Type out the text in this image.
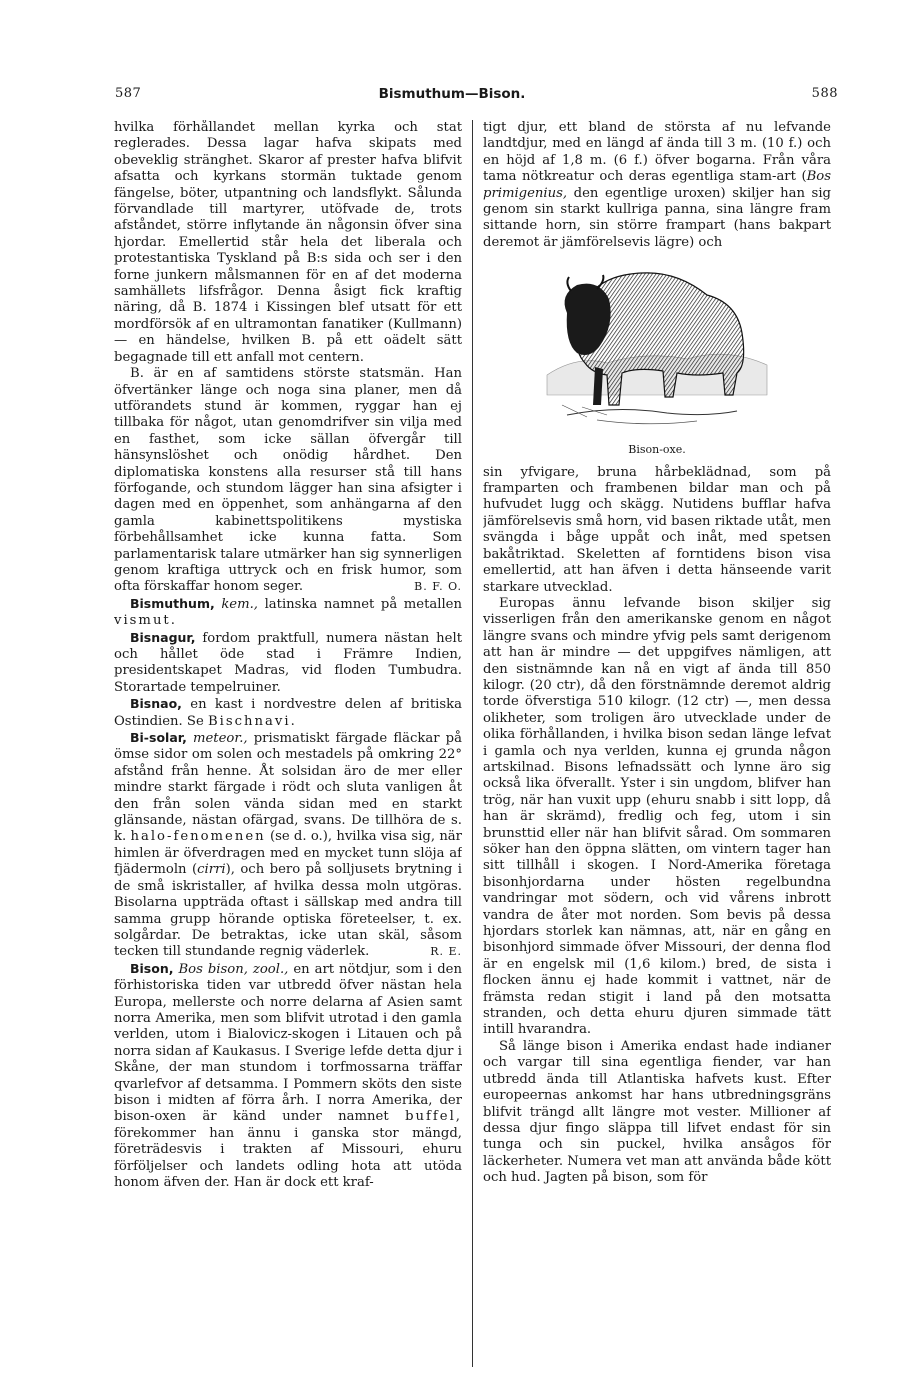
587	Bismuthum—Bison.	588

hvilka förhållandet mellan kyrka och stat reglerades. Dessa lagar hafva skipats med obeveklig stränghet. Skaror af prester hafva blifvit afsatta och kyrkans stormän tuktade genom fängelse, böter, utpantning och landsflykt. Sålunda förvandlade till martyrer, utöfvade de, trots afståndet, större inflytande än någonsin öfver sina hjordar. Emellertid står hela det liberala och protestantiska Tyskland på B:s sida och ser i den forne junkern målsmannen för en af det moderna samhällets lifsfrågor. Denna åsigt fick kraftig näring, då B. 1874 i Kissingen blef utsatt för ett mordförsök af en ultramontan fanatiker (Kullmann) — en händelse, hvilken B. på ett oädelt sätt begagnade till ett anfall mot centern.

B. är en af samtidens störste statsmän. Han öfvertänker länge och noga sina planer, men då utförandets stund är kommen, ryggar han ej tillbaka för något, utan genomdrifver sin vilja med en fasthet, som icke sällan öfvergår till hänsynslöshet och onödig hårdhet. Den diplomatiska konstens alla resurser stå till hans förfogande, och stundom lägger han sina afsigter i dagen med en öppenhet, som anhängarna af den gamla kabinettspolitikens mystiska förbehållsamhet icke kunna fatta. Som parlamentarisk talare utmärker han sig synnerligen genom kraftiga uttryck och en frisk humor, som ofta förskaffar honom seger.	B. F. O.

Bismuthum, kem., latinska namnet på metallen vismut.

Bisnagur, fordom praktfull, numera nästan helt och hållet öde stad i Främre Indien, presidentskapet Madras, vid floden Tumbudra. Storartade tempelruiner.

Bisnao, en kast i nordvestre delen af britiska Ostindien. Se Bischnavi.

Bi-solar, meteor., prismatiskt färgade fläckar på ömse sidor om solen och mestadels på omkring 22° afstånd från henne. Åt solsidan äro de mer eller mindre starkt färgade i rödt och sluta vanligen åt den från solen vända sidan med en starkt glänsande, nästan ofärgad, svans. De tillhöra de s. k. halo-fenomenen (se d. o.), hvilka visa sig, när himlen är öfverdragen med en mycket tunn slöja af fjädermoln (cirri), och bero på solljusets brytning i de små iskristaller, af hvilka dessa moln utgöras. Bisolarna uppträda oftast i sällskap med andra till samma grupp hörande optiska företeelser, t. ex. solgårdar. De betraktas, icke utan skäl, såsom tecken till stundande regnig väderlek.	R. E.

Bison, Bos bison, zool., en art nötdjur, som i den förhistoriska tiden var utbredd öfver nästan hela Europa, mellerste och norre delarna af Asien samt norra Amerika, men som blifvit utrotad i den gamla verlden, utom i Bialovicz-skogen i Litauen och på norra sidan af Kaukasus. I Sverige lefde detta djur i Skåne, der man stundom i torfmossarna träffar qvarlefvor af detsamma. I Pommern sköts den siste bison i midten af förra årh. I norra Amerika, der bison-oxen är känd under namnet buffel, förekommer han ännu i ganska stor mängd, företrädesvis i trakten af Missouri, ehuru förföljelser och landets odling hota att utöda honom äfven der. Han är dock ett kraf-

tigt djur, ett bland de största af nu lefvande landtdjur, med en längd af ända till 3 m. (10 f.) och en höjd af 1,8 m. (6 f.) öfver bogarna. Från våra tama nötkreatur och deras egentliga stam-art (Bos primigenius, den egentlige uroxen) skiljer han sig genom sin starkt kullriga panna, sina längre fram sittande horn, sin större frampart (hans bakpart deremot är jämförelsevis lägre) och

Bison-oxe.

sin yfvigare, bruna hårbeklädnad, som på framparten och frambenen bildar man och på hufvudet lugg och skägg. Nutidens bufflar hafva jämförelsevis små horn, vid basen riktade utåt, men svängda i båge uppåt och inåt, med spetsen bakåtriktad. Skeletten af forntidens bison visa emellertid, att han äfven i detta hänseende varit starkare utvecklad.

Europas ännu lefvande bison skiljer sig visserligen från den amerikanske genom en något längre svans och mindre yfvig pels samt derigenom att han är mindre — det uppgifves nämligen, att den sistnämnde kan nå en vigt af ända till 850 kilogr. (20 ctr), då den förstnämnde deremot aldrig torde öfverstiga 510 kilogr. (12 ctr) —, men dessa olikheter, som troligen äro utvecklade under de olika förhållanden, i hvilka bison sedan länge lefvat i gamla och nya verlden, kunna ej grunda någon artskilnad. Bisons lefnadssätt och lynne äro sig också lika öfverallt. Yster i sin ungdom, blifver han trög, när han vuxit upp (ehuru snabb i sitt lopp, då han är skrämd), fredlig och feg, utom i sin brunsttid eller när han blifvit sårad. Om sommaren söker han den öppna slätten, om vintern tager han sitt tillhåll i skogen. I Nord-Amerika företaga bisonhjordarna under hösten regelbundna vandringar mot södern, och vid vårens inbrott vandra de åter mot norden. Som bevis på dessa hjordars storlek kan nämnas, att, när en gång en bisonhjord simmade öfver Missouri, der denna flod är en engelsk mil (1,6 kilom.) bred, de sista i flocken ännu ej hade kommit i vattnet, när de främsta redan stigit i land på den motsatta stranden, och detta ehuru djuren simmade tätt intill hvarandra.

Så länge bison i Amerika endast hade indianer och vargar till sina egentliga fiender, var han utbredd ända till Atlantiska hafvets kust. Efter europeernas ankomst har hans utbredningsgräns blifvit trängd allt längre mot vester. Millioner af dessa djur fingo släppa till lifvet endast för sin tunga och sin puckel, hvilka ansågos för läckerheter. Numera vet man att använda både kött och hud. Jagten på bison, som för
